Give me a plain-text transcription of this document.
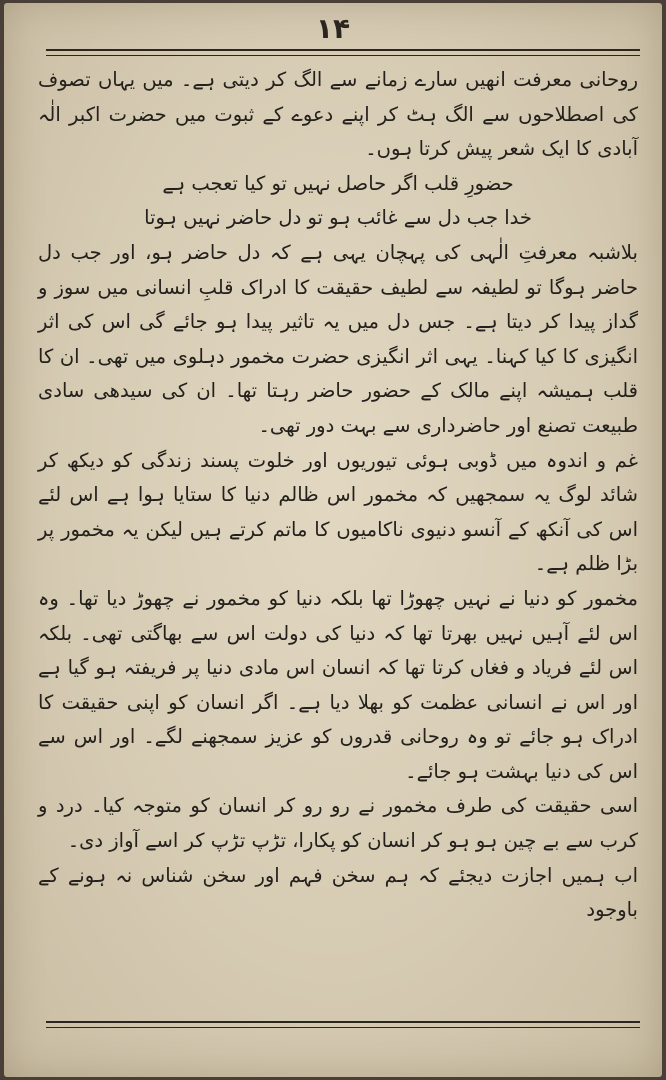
۱۴

روحانی معرفت انھیں سارے زمانے سے الگ کر دیتی ہے۔ میں یہاں تصوف کی اصطلاحوں سے الگ ہٹ کر اپنے دعوے کے ثبوت میں حضرت اکبر الٰہ آبادی کا ایک شعر پیش کرتا ہوں۔

حضورِ قلب اگر حاصل نہیں تو کیا تعجب ہے

خدا جب دل سے غائب ہو تو دل حاضر نہیں ہوتا

بلاشبہ معرفتِ الٰہی کی پہچان یہی ہے کہ دل حاضر ہو، اور جب دل حاضر ہوگا تو لطیفہ سے لطیف حقیقت کا ادراک قلبِ انسانی میں سوز و گداز پیدا کر دیتا ہے۔ جس دل میں یہ تاثیر پیدا ہو جائے گی اس کی اثر انگیزی کا کیا کہنا۔ یہی اثر انگیزی حضرت مخمور دہلوی میں تھی۔ ان کا قلب ہمیشہ اپنے مالک کے حضور حاضر رہتا تھا۔ ان کی سیدھی سادی طبیعت تصنع اور حاضرداری سے بہت دور تھی۔

غم و اندوہ میں ڈوبی ہوئی تیوریوں اور خلوت پسند زندگی کو دیکھ کر شائد لوگ یہ سمجھیں کہ مخمور اس ظالم دنیا کا ستایا ہوا ہے اس لئے اس کی آنکھ کے آنسو دنیوی ناکامیوں کا ماتم کرتے ہیں لیکن یہ مخمور پر بڑا ظلم ہے۔

مخمور کو دنیا نے نہیں چھوڑا تھا بلکہ دنیا کو مخمور نے چھوڑ دیا تھا۔ وہ اس لئے آہیں نہیں بھرتا تھا کہ دنیا کی دولت اس سے بھاگتی تھی۔ بلکہ اس لئے فریاد و فغاں کرتا تھا کہ انسان اس مادی دنیا پر فریفتہ ہو گیا ہے اور اس نے انسانی عظمت کو بھلا دیا ہے۔ اگر انسان کو اپنی حقیقت کا ادراک ہو جائے تو وہ روحانی قدروں کو عزیز سمجھنے لگے۔ اور اس سے اس کی دنیا بہشت ہو جائے۔

اسی حقیقت کی طرف مخمور نے رو رو کر انسان کو متوجہ کیا۔ درد و کرب سے بے چین ہو ہو کر انسان کو پکارا، تڑپ تڑپ کر اسے آواز دی۔

اب ہمیں اجازت دیجئے کہ ہم سخن فہم اور سخن شناس نہ ہونے کے باوجود
